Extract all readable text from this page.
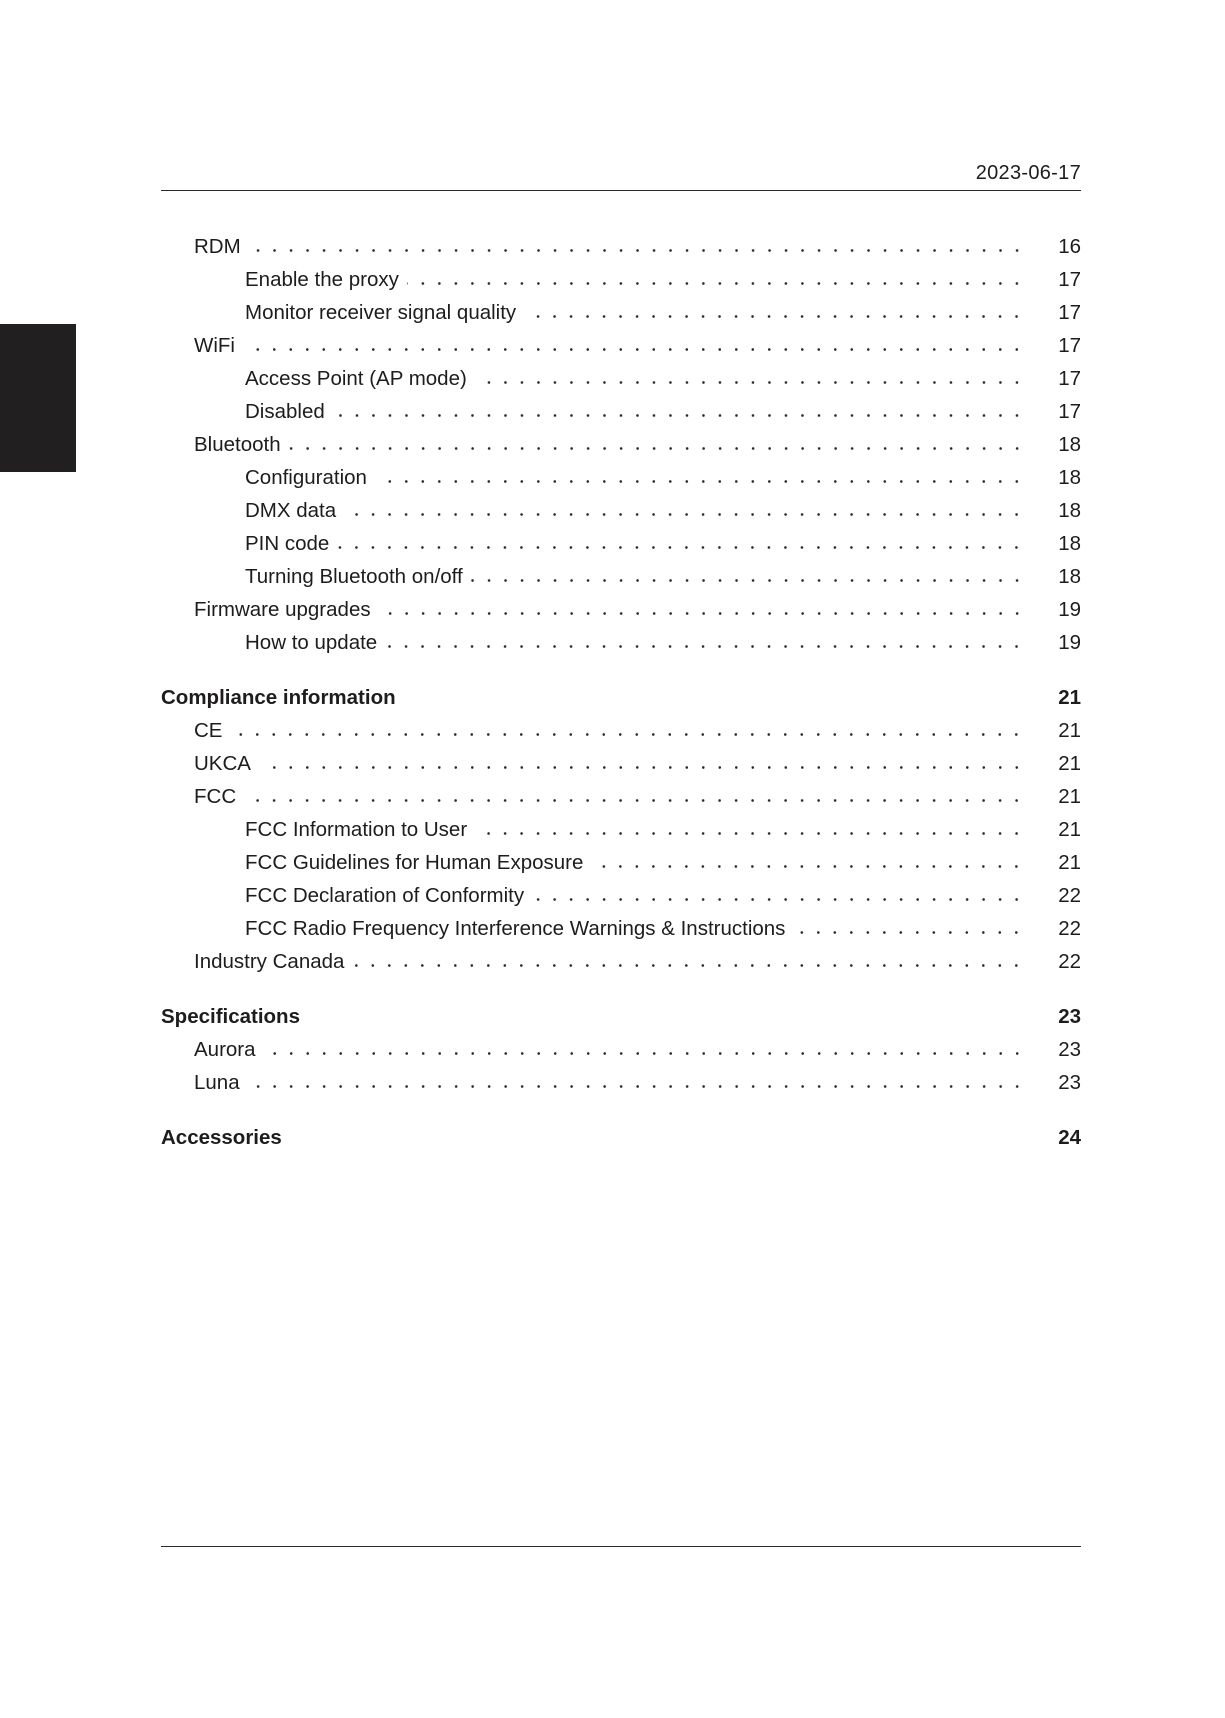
2023-06-17
RDM	16
Enable the proxy	17
Monitor receiver signal quality	17
WiFi	17
Access Point (AP mode)	17
Disabled	17
Bluetooth	18
Configuration	18
DMX data	18
PIN code	18
Turning Bluetooth on/off	18
Firmware upgrades	19
How to update	19
Compliance information	21
CE	21
UKCA	21
FCC	21
FCC Information to User	21
FCC Guidelines for Human Exposure	21
FCC Declaration of Conformity	22
FCC Radio Frequency Interference Warnings & Instructions	22
Industry Canada	22
Specifications	23
Aurora	23
Luna	23
Accessories	24
